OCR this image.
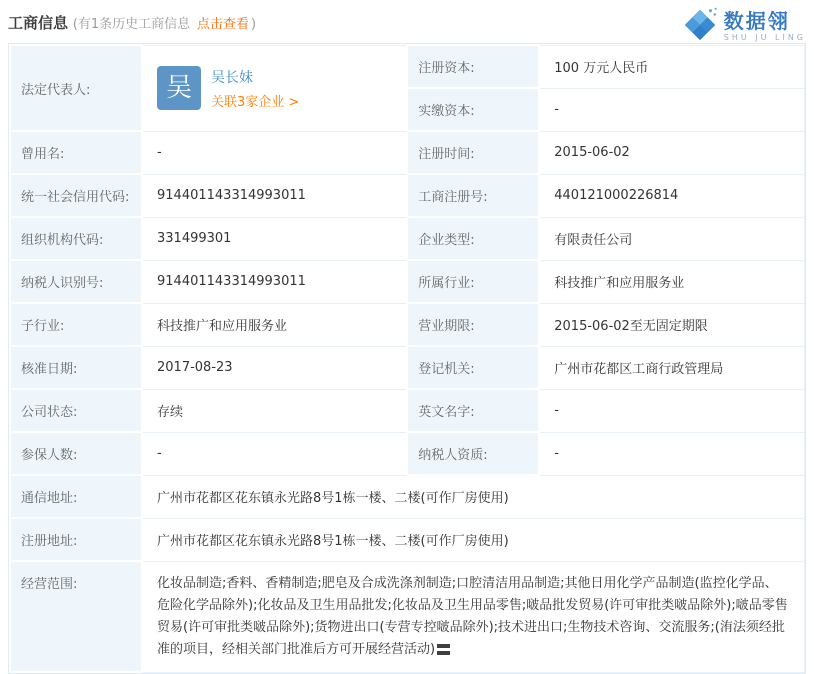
工商信息 (有1条历史工商信息 点击查看 )	数据翎
SHU JU LING
法定代表人:	吴 吴长妹
关联3家企业 >	注册资本:	100 万元人民币
		实缴资本:	-
曾用名:	-	注册时间:	2015-06-02
统一社会信用代码:	914401143314993011	工商注册号:	440121000226814
组织机构代码:	331499301	企业类型:	有限责任公司
纳税人识别号:	914401143314993011	所属行业:	科技推广和应用服务业
子行业:	科技推广和应用服务业	营业期限:	2015-06-02至无固定期限
核准日期:	2017-08-23	登记机关:	广州市花都区工商行政管理局
公司状态:	存续	英文名字:	-
参保人数:	-	纳税人资质:	-
通信地址:	广州市花都区花东镇永光路8号1栋一楼、二楼(可作厂房使用)		
注册地址:	广州市花都区花东镇永光路8号1栋一楼、二楼(可作厂房使用)		
经营范围:	化妆品制造;香料、香精制造;肥皂及合成洗涤剂制造;口腔清洁用品制造;其他日用化学产品制造(监控化学品、危险化学品除外);化妆品及卫生用品批发;化妆品及卫生用品零售;啵品批发贸易(许可审批类啵品除外);啵品零售贸易(许可审批类啵品除外);货物进出口(专营专控啵品除外);技术进出口;生物技术咨询、交流服务;(洧法须经批准的项目，经相关部门批准后方可开展经营活动)		
